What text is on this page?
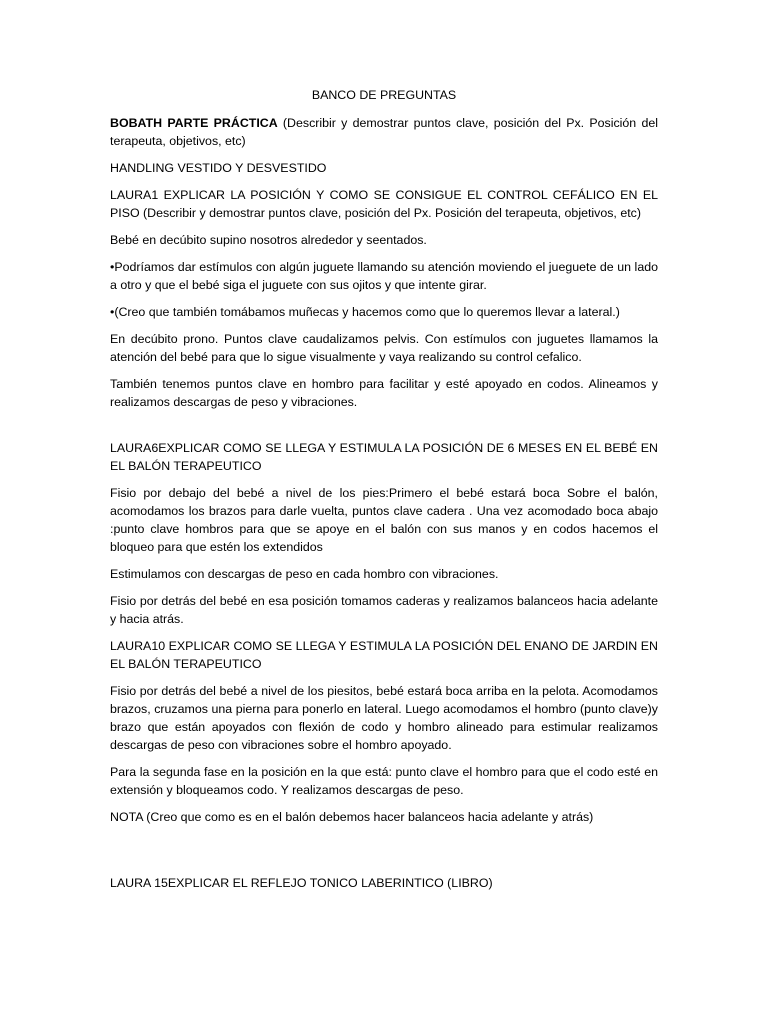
BANCO DE PREGUNTAS

BOBATH PARTE PRÁCTICA (Describir y demostrar puntos clave, posición del Px. Posición del terapeuta, objetivos, etc)

HANDLING VESTIDO Y DESVESTIDO

LAURA1 EXPLICAR LA POSICIÓN Y COMO SE CONSIGUE EL CONTROL CEFÁLICO EN EL PISO (Describir y demostrar puntos clave, posición del Px. Posición del terapeuta, objetivos, etc)

Bebé en decúbito supino nosotros alrededor y seentados.

•Podríamos dar estímulos con algún juguete llamando su atención moviendo el jueguete de un lado a otro y que el bebé siga el juguete con sus ojitos y que intente girar.

•(Creo que también tomábamos muñecas y hacemos como que lo queremos llevar a lateral.)

En decúbito prono. Puntos clave caudalizamos pelvis. Con estímulos con juguetes llamamos la atención del bebé para que lo sigue visualmente y vaya realizando su control cefalico.

También tenemos puntos clave en hombro para facilitar y esté apoyado en codos. Alineamos y realizamos descargas de peso y vibraciones.

LAURA6EXPLICAR COMO SE LLEGA Y ESTIMULA LA POSICIÓN DE 6 MESES EN EL BEBÉ EN EL BALÓN TERAPEUTICO

Fisio por debajo del bebé a nivel de los pies:Primero el bebé estará boca Sobre el balón, acomodamos los brazos para darle vuelta, puntos clave cadera . Una vez acomodado boca abajo :punto clave hombros para que se apoye en el balón con sus manos y en codos hacemos el bloqueo para que estén los extendidos

Estimulamos con descargas de peso en cada hombro con vibraciones.

Fisio por detrás del bebé en esa posición tomamos caderas y realizamos balanceos hacia adelante y hacia atrás.

LAURA10 EXPLICAR COMO SE LLEGA Y ESTIMULA LA POSICIÓN DEL ENANO DE JARDIN EN EL BALÓN TERAPEUTICO

Fisio por detrás del bebé a nivel de los piesitos, bebé estará boca arriba en la pelota. Acomodamos brazos, cruzamos una pierna para ponerlo en lateral. Luego acomodamos el hombro (punto clave)y brazo que están apoyados con flexión de codo y hombro alineado para estimular realizamos descargas de peso con vibraciones sobre el hombro apoyado.

Para la segunda fase en la posición en la que está: punto clave el hombro para que el codo esté en extensión y bloqueamos codo. Y realizamos descargas de peso.

NOTA (Creo que como es en el balón debemos hacer balanceos hacia adelante y atrás)

LAURA 15EXPLICAR EL REFLEJO TONICO LABERINTICO (LIBRO)
